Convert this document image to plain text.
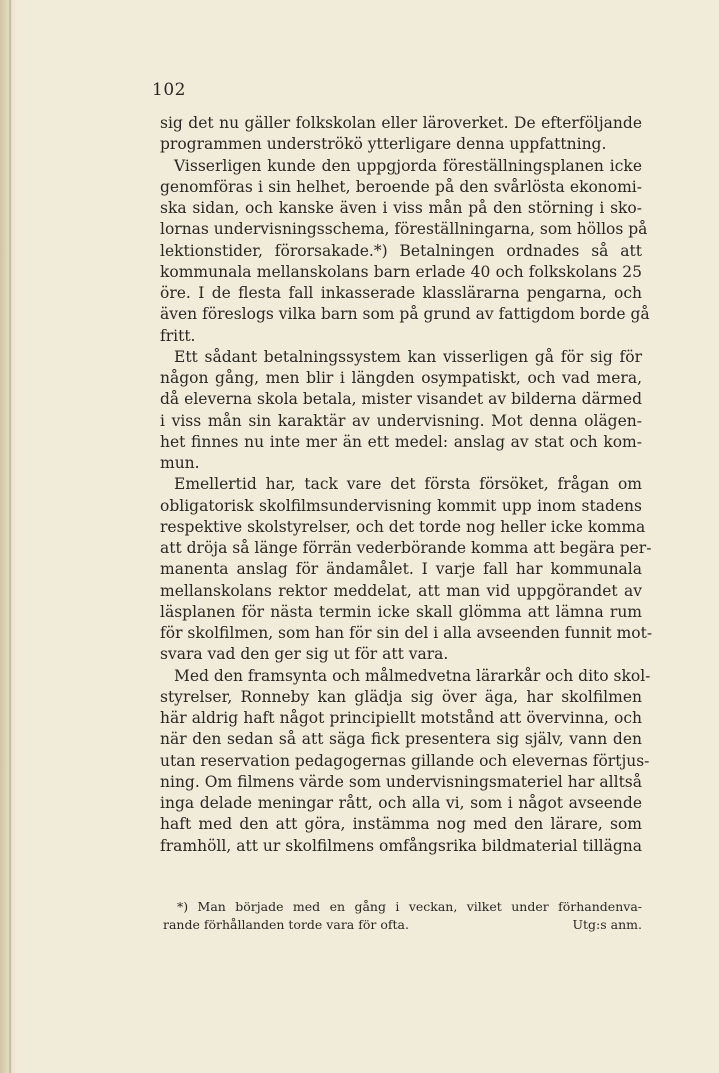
102
sig det nu gäller folkskolan eller läroverket. De efterföljande
programmen underströkö ytterligare denna uppfattning.
Visserligen kunde den uppgjorda föreställningsplanen icke
genomföras i sin helhet, beroende på den svårlösta ekonomi-
ska sidan, och kanske även i viss mån på den störning i sko-
lornas undervisningsschema, föreställningarna, som höllos på
lektionstider, förorsakade.*) Betalningen ordnades så att
kommunala mellanskolans barn erlade 40 och folkskolans 25
öre. I de flesta fall inkasserade klasslärarna pengarna, och
även föreslogs vilka barn som på grund av fattigdom borde gå
fritt.
Ett sådant betalningssystem kan visserligen gå för sig för
någon gång, men blir i längden osympatiskt, och vad mera,
då eleverna skola betala, mister visandet av bilderna därmed
i viss mån sin karaktär av undervisning. Mot denna olägen-
het finnes nu inte mer än ett medel: anslag av stat och kom-
mun.
Emellertid har, tack vare det första försöket, frågan om
obligatorisk skolfilmsundervisning kommit upp inom stadens
respektive skolstyrelser, och det torde nog heller icke komma
att dröja så länge förrän vederbörande komma att begära per-
manenta anslag för ändamålet. I varje fall har kommunala
mellanskolans rektor meddelat, att man vid uppgörandet av
läsplanen för nästa termin icke skall glömma att lämna rum
för skolfilmen, som han för sin del i alla avseenden funnit mot-
svara vad den ger sig ut för att vara.
Med den framsynta och målmedvetna lärarkår och dito skol-
styrelser, Ronneby kan glädja sig över äga, har skolfilmen
här aldrig haft något principiellt motstånd att övervinna, och
när den sedan så att säga fick presentera sig själv, vann den
utan reservation pedagogernas gillande och elevernas förtjus-
ning. Om filmens värde som undervisningsmateriel har alltså
inga delade meningar rått, och alla vi, som i något avseende
haft med den att göra, instämma nog med den lärare, som
framhöll, att ur skolfilmens omfångsrika bildmaterial tillägna
*) Man började med en gång i veckan, vilket under förhandenva-
rande förhållanden torde vara för ofta.	Utg:s anm.
